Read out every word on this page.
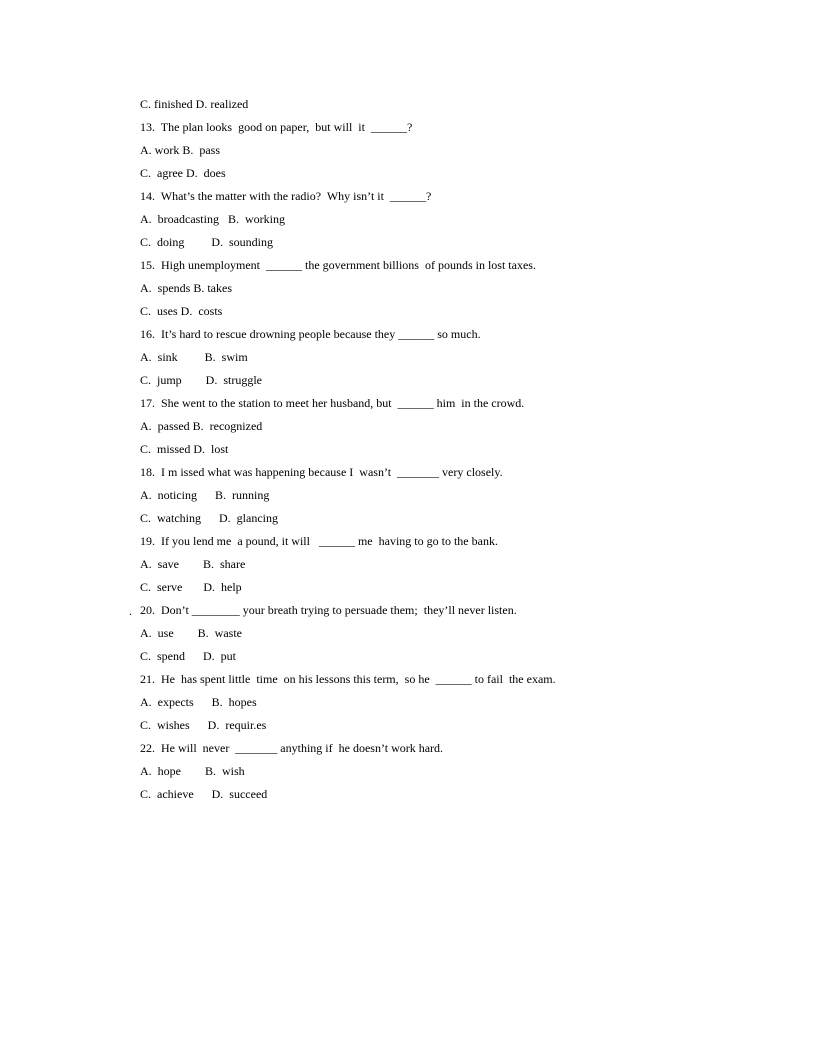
.
C. finished D. realized
13.  The plan looks  good on paper,  but will  it  ______?
A. work B.  pass
C.  agree D.  does
14.  What’s the matter with the radio?  Why isn’t it  ______?
A.  broadcasting   B.  working
C.  doing         D.  sounding
15.  High unemployment  ______ the government billions  of pounds in lost taxes.
A.  spends B. takes
C.  uses D.  costs
16.  It’s hard to rescue drowning people because they ______ so much.
A.  sink         B.  swim
C.  jump        D.  struggle
17.  She went to the station to meet her husband, but  ______ him  in the crowd.
A.  passed B.  recognized
C.  missed D.  lost
18.  I m issed what was happening because I  wasn’t  _______ very closely.
A.  noticing      B.  running
C.  watching      D.  glancing
19.  If you lend me  a pound, it will   ______ me  having to go to the bank.
A.  save        B.  share
C.  serve       D.  help
20.  Don’t ________ your breath trying to persuade them;  they’ll never listen.
A.  use        B.  waste
C.  spend      D.  put
21.  He  has spent little  time  on his lessons this term,  so he  ______ to fail  the exam.
A.  expects      B.  hopes
C.  wishes      D.  requir.es
22.  He will  never  _______ anything if  he doesn’t work hard.
A.  hope        B.  wish
C.  achieve      D.  succeed
